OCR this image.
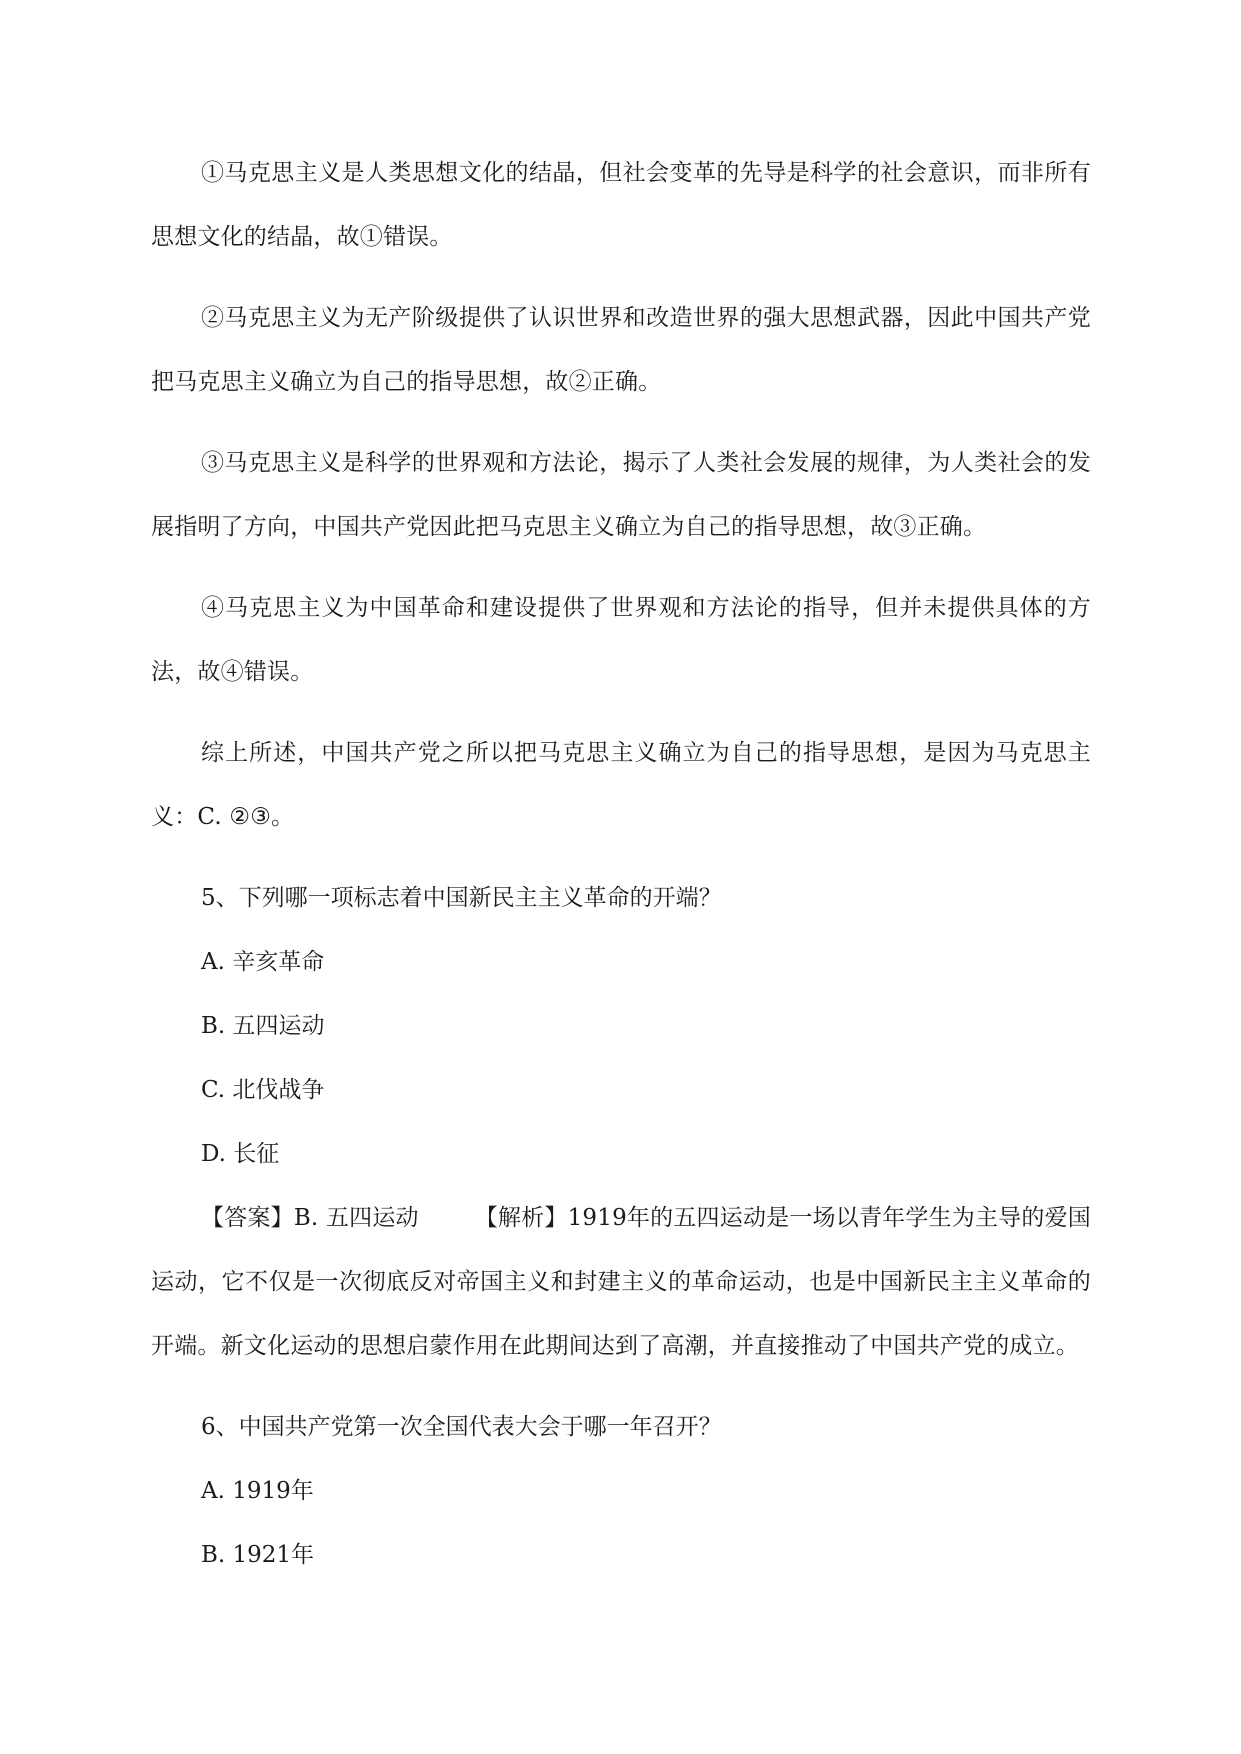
①马克思主义是人类思想文化的结晶，但社会变革的先导是科学的社会意识，而非所有思想文化的结晶，故①错误。

②马克思主义为无产阶级提供了认识世界和改造世界的强大思想武器，因此中国共产党把马克思主义确立为自己的指导思想，故②正确。

③马克思主义是科学的世界观和方法论，揭示了人类社会发展的规律，为人类社会的发展指明了方向，中国共产党因此把马克思主义确立为自己的指导思想，故③正确。

④马克思主义为中国革命和建设提供了世界观和方法论的指导，但并未提供具体的方法，故④错误。

综上所述，中国共产党之所以把马克思主义确立为自己的指导思想，是因为马克思主义：C. ②③。

5、下列哪一项标志着中国新民主主义革命的开端？
A. 辛亥革命
B. 五四运动
C. 北伐战争
D. 长征

【答案】B. 五四运动 【解析】1919年的五四运动是一场以青年学生为主导的爱国运动，它不仅是一次彻底反对帝国主义和封建主义的革命运动，也是中国新民主主义革命的开端。新文化运动的思想启蒙作用在此期间达到了高潮，并直接推动了中国共产党的成立。

6、中国共产党第一次全国代表大会于哪一年召开？
A. 1919年
B. 1921年
